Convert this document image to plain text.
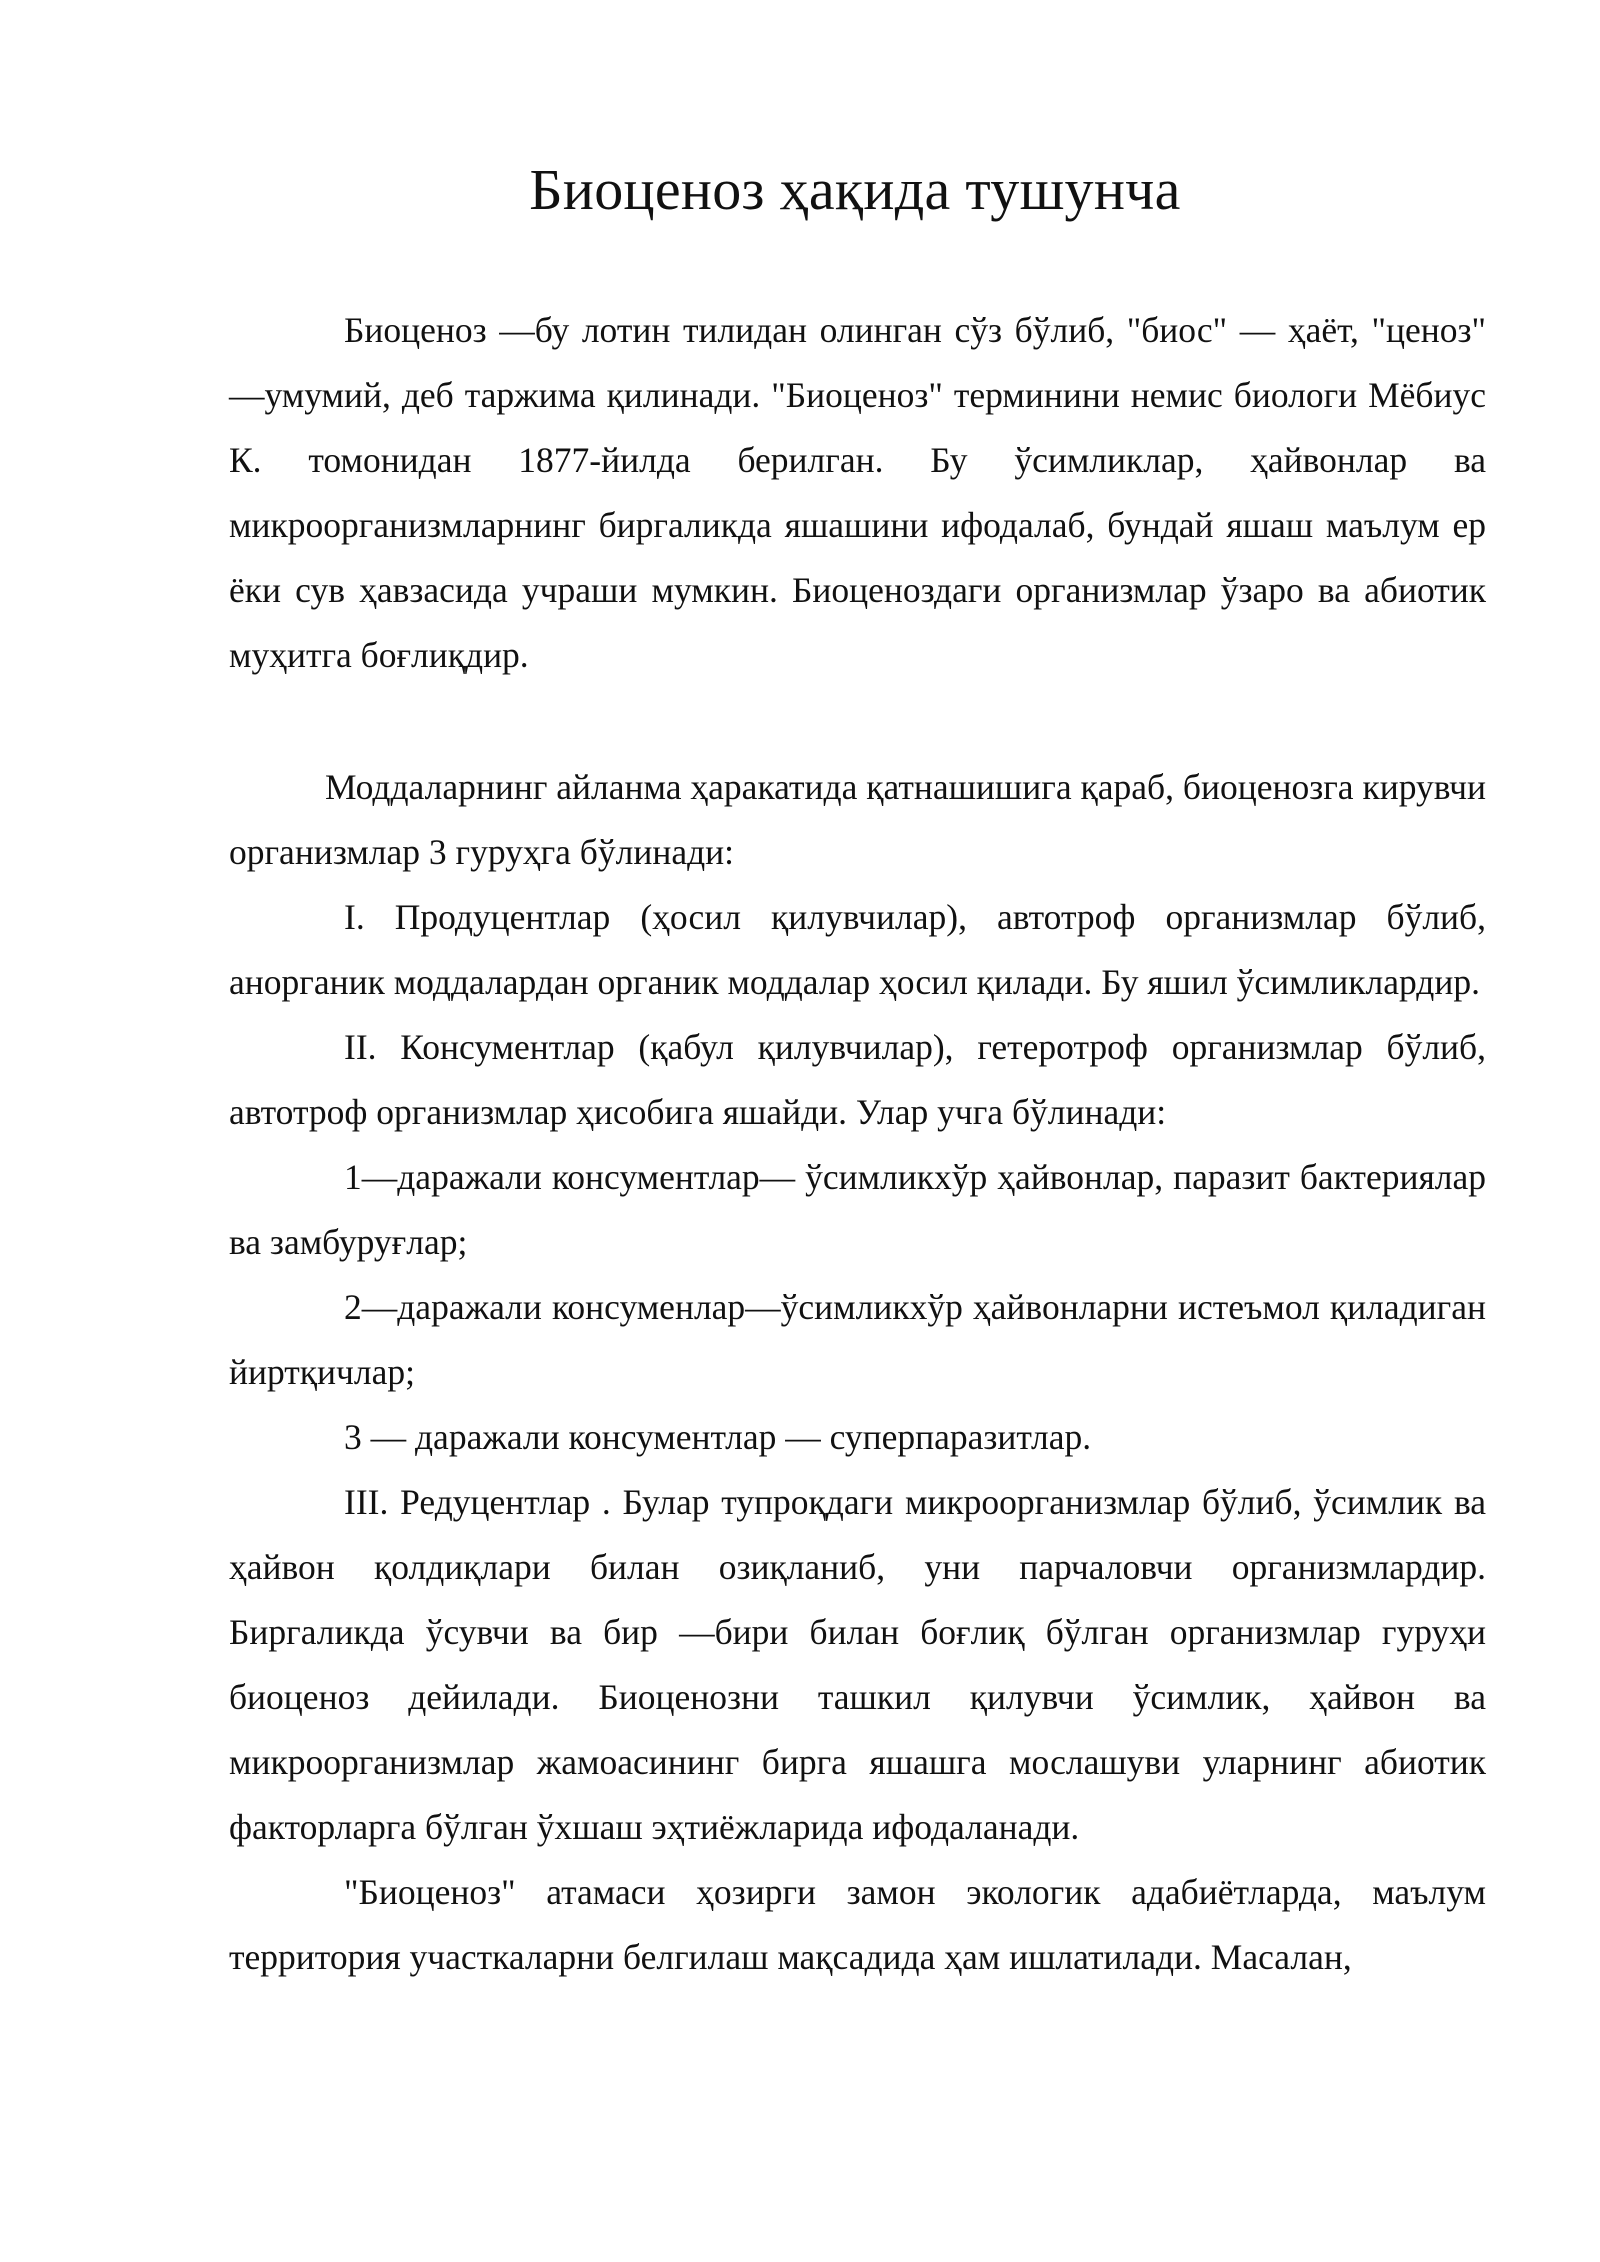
Биоценоз ҳақида тушунча

Биоценоз —бу лотин тилидан олинган сўз бўлиб, "биос" — ҳаёт, "ценоз" —умумий, деб таржима қилинади. "Биоценоз" терминини немис биологи Мёбиус К. томонидан 1877-йилда берилган. Бу ўсимликлар, ҳайвонлар ва микроорганизмларнинг биргаликда яшашини ифодалаб, бундай яшаш маълум ер ёки сув ҳавзасида учраши мумкин. Биоценоздаги организмлар ўзаро ва абиотик муҳитга боғлиқдир.

Моддаларнинг айланма ҳаракатида қатнашишига қараб, биоценозга кирувчи организмлар 3 гуруҳга бўлинади:

I. Продуцентлар (ҳосил қилувчилар), автотроф организмлар бўлиб, анорганик моддалардан органик моддалар ҳосил қилади. Бу яшил ўсимликлардир.

II. Консументлар (қабул қилувчилар), гетеротроф организмлар бўлиб, автотроф организмлар ҳисобига яшайди. Улар учга бўлинади:

1—даражали консументлар— ўсимликхўр ҳайвонлар, паразит бактериялар ва замбуруғлар;

2—даражали консуменлар—ўсимликхўр ҳайвонларни истеъмол қиладиган йиртқичлар;

3 — даражали консументлар — суперпаразитлар.

III. Редуцентлар . Булар тупроқдаги микроорганизмлар бўлиб, ўсимлик ва ҳайвон қолдиқлари билан озиқланиб, уни парчаловчи организмлардир. Биргаликда ўсувчи ва бир —бири билан боғлиқ бўлган организмлар гуруҳи биоценоз дейилади. Биоценозни ташкил қилувчи ўсимлик, ҳайвон ва микроорганизмлар жамоасининг бирга яшашга мослашуви уларнинг абиотик факторларга бўлган ўхшаш эҳтиёжларида ифодаланади.

"Биоценоз" атамаси ҳозирги замон экологик адабиётларда, маълум территория участкаларни белгилаш мақсадида ҳам ишлатилади. Масалан,
